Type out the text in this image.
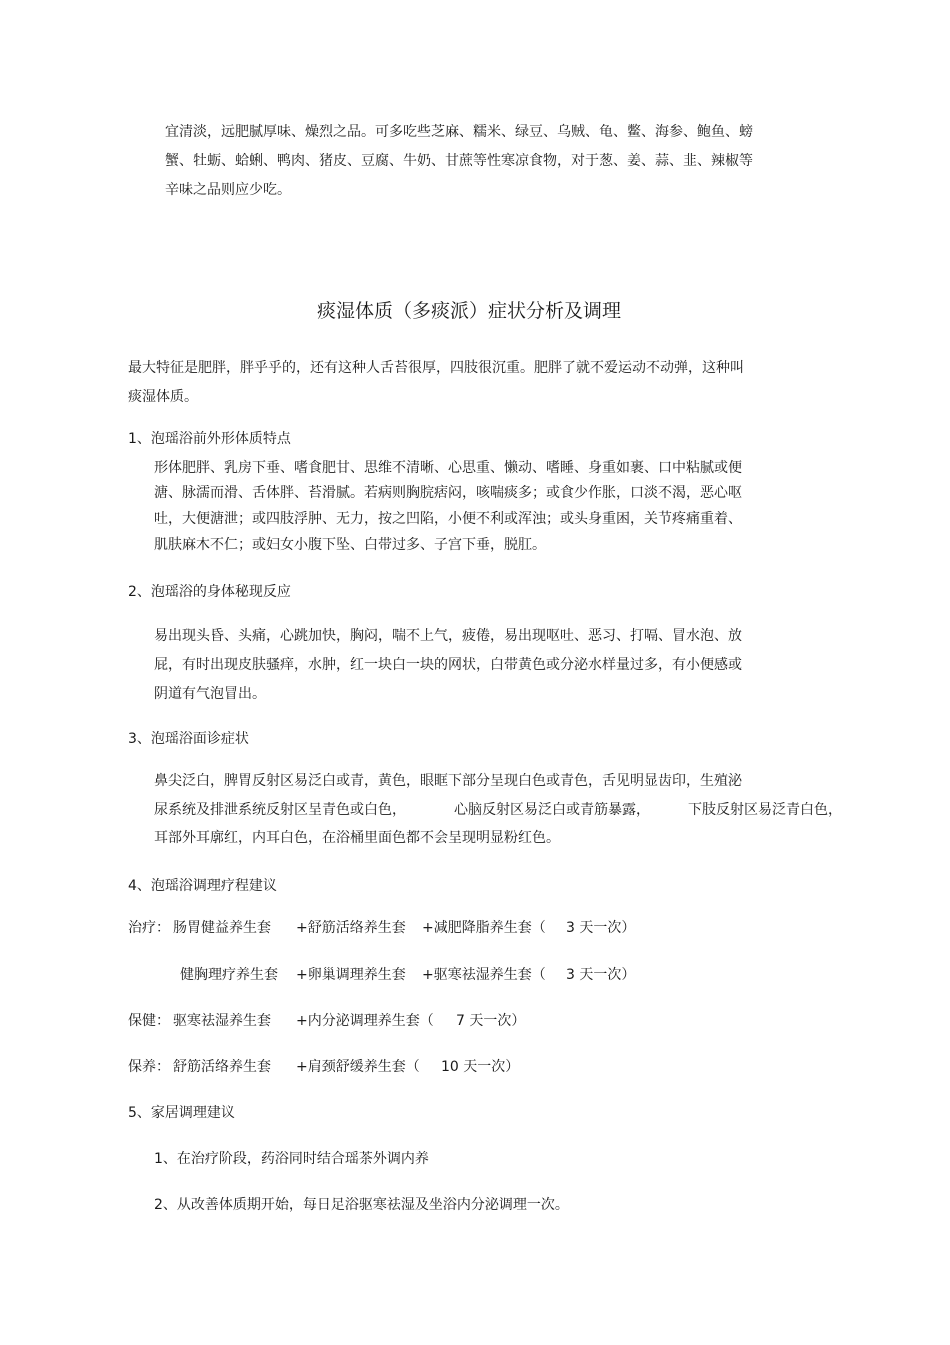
宜清淡，远肥腻厚味、燥烈之品。可多吃些芝麻、糯米、绿豆、乌贼、龟、鳖、海参、鲍鱼、螃
蟹、牡蛎、蛤蜊、鸭肉、猪皮、豆腐、牛奶、甘蔗等性寒凉食物，对于葱、姜、蒜、韭、辣椒等
辛味之品则应少吃。
痰湿体质（多痰派）症状分析及调理
最大特征是肥胖，胖乎乎的，还有这种人舌苔很厚，四肢很沉重。肥胖了就不爱运动不动弹，这种叫
痰湿体质。
1、泡瑶浴前外形体质特点
形体肥胖、乳房下垂、嗜食肥甘、思维不清晰、心思重、懒动、嗜睡、身重如裹、口中粘腻或便
溏、脉濡而滑、舌体胖、苔滑腻。若病则胸脘痞闷，咳喘痰多；或食少作胀，口淡不渴，恶心呕
吐，大便溏泄；或四肢浮肿、无力，按之凹陷，小便不利或浑浊；或头身重困，关节疼痛重着、
肌肤麻木不仁；或妇女小腹下坠、白带过多、子宫下垂，脱肛。
2、泡瑶浴的身体秘现反应
易出现头昏、头痛，心跳加快，胸闷，喘不上气，疲倦，易出现呕吐、恶习、打嗝、冒水泡、放
屁，有时出现皮肤骚痒，水肿，红一块白一块的网状，白带黄色或分泌水样量过多，有小便感或
阴道有气泡冒出。
3、泡瑶浴面诊症状
鼻尖泛白，脾胃反射区易泛白或青，黄色，眼眶下部分呈现白色或青色，舌见明显齿印，生殖泌
尿系统及排泄系统反射区呈青色或白色，	心脑反射区易泛白或青筋暴露，	下肢反射区易泛青白色，
耳部外耳廓红，内耳白色，在浴桶里面色都不会呈现明显粉红色。
4、泡瑶浴调理疗程建议
治疗： 肠胃健益养生套 +舒筋活络养生套 +减肥降脂养生套（ 3 天一次）
健胸理疗养生套 +卵巢调理养生套 +驱寒祛湿养生套（ 3 天一次）
保健： 驱寒祛湿养生套 +内分泌调理养生套（ 7 天一次）
保养： 舒筋活络养生套 +肩颈舒缓养生套（ 10 天一次）
5、家居调理建议
1、在治疗阶段，药浴同时结合瑶茶外调内养
2、从改善体质期开始，每日足浴驱寒祛湿及坐浴内分泌调理一次。
